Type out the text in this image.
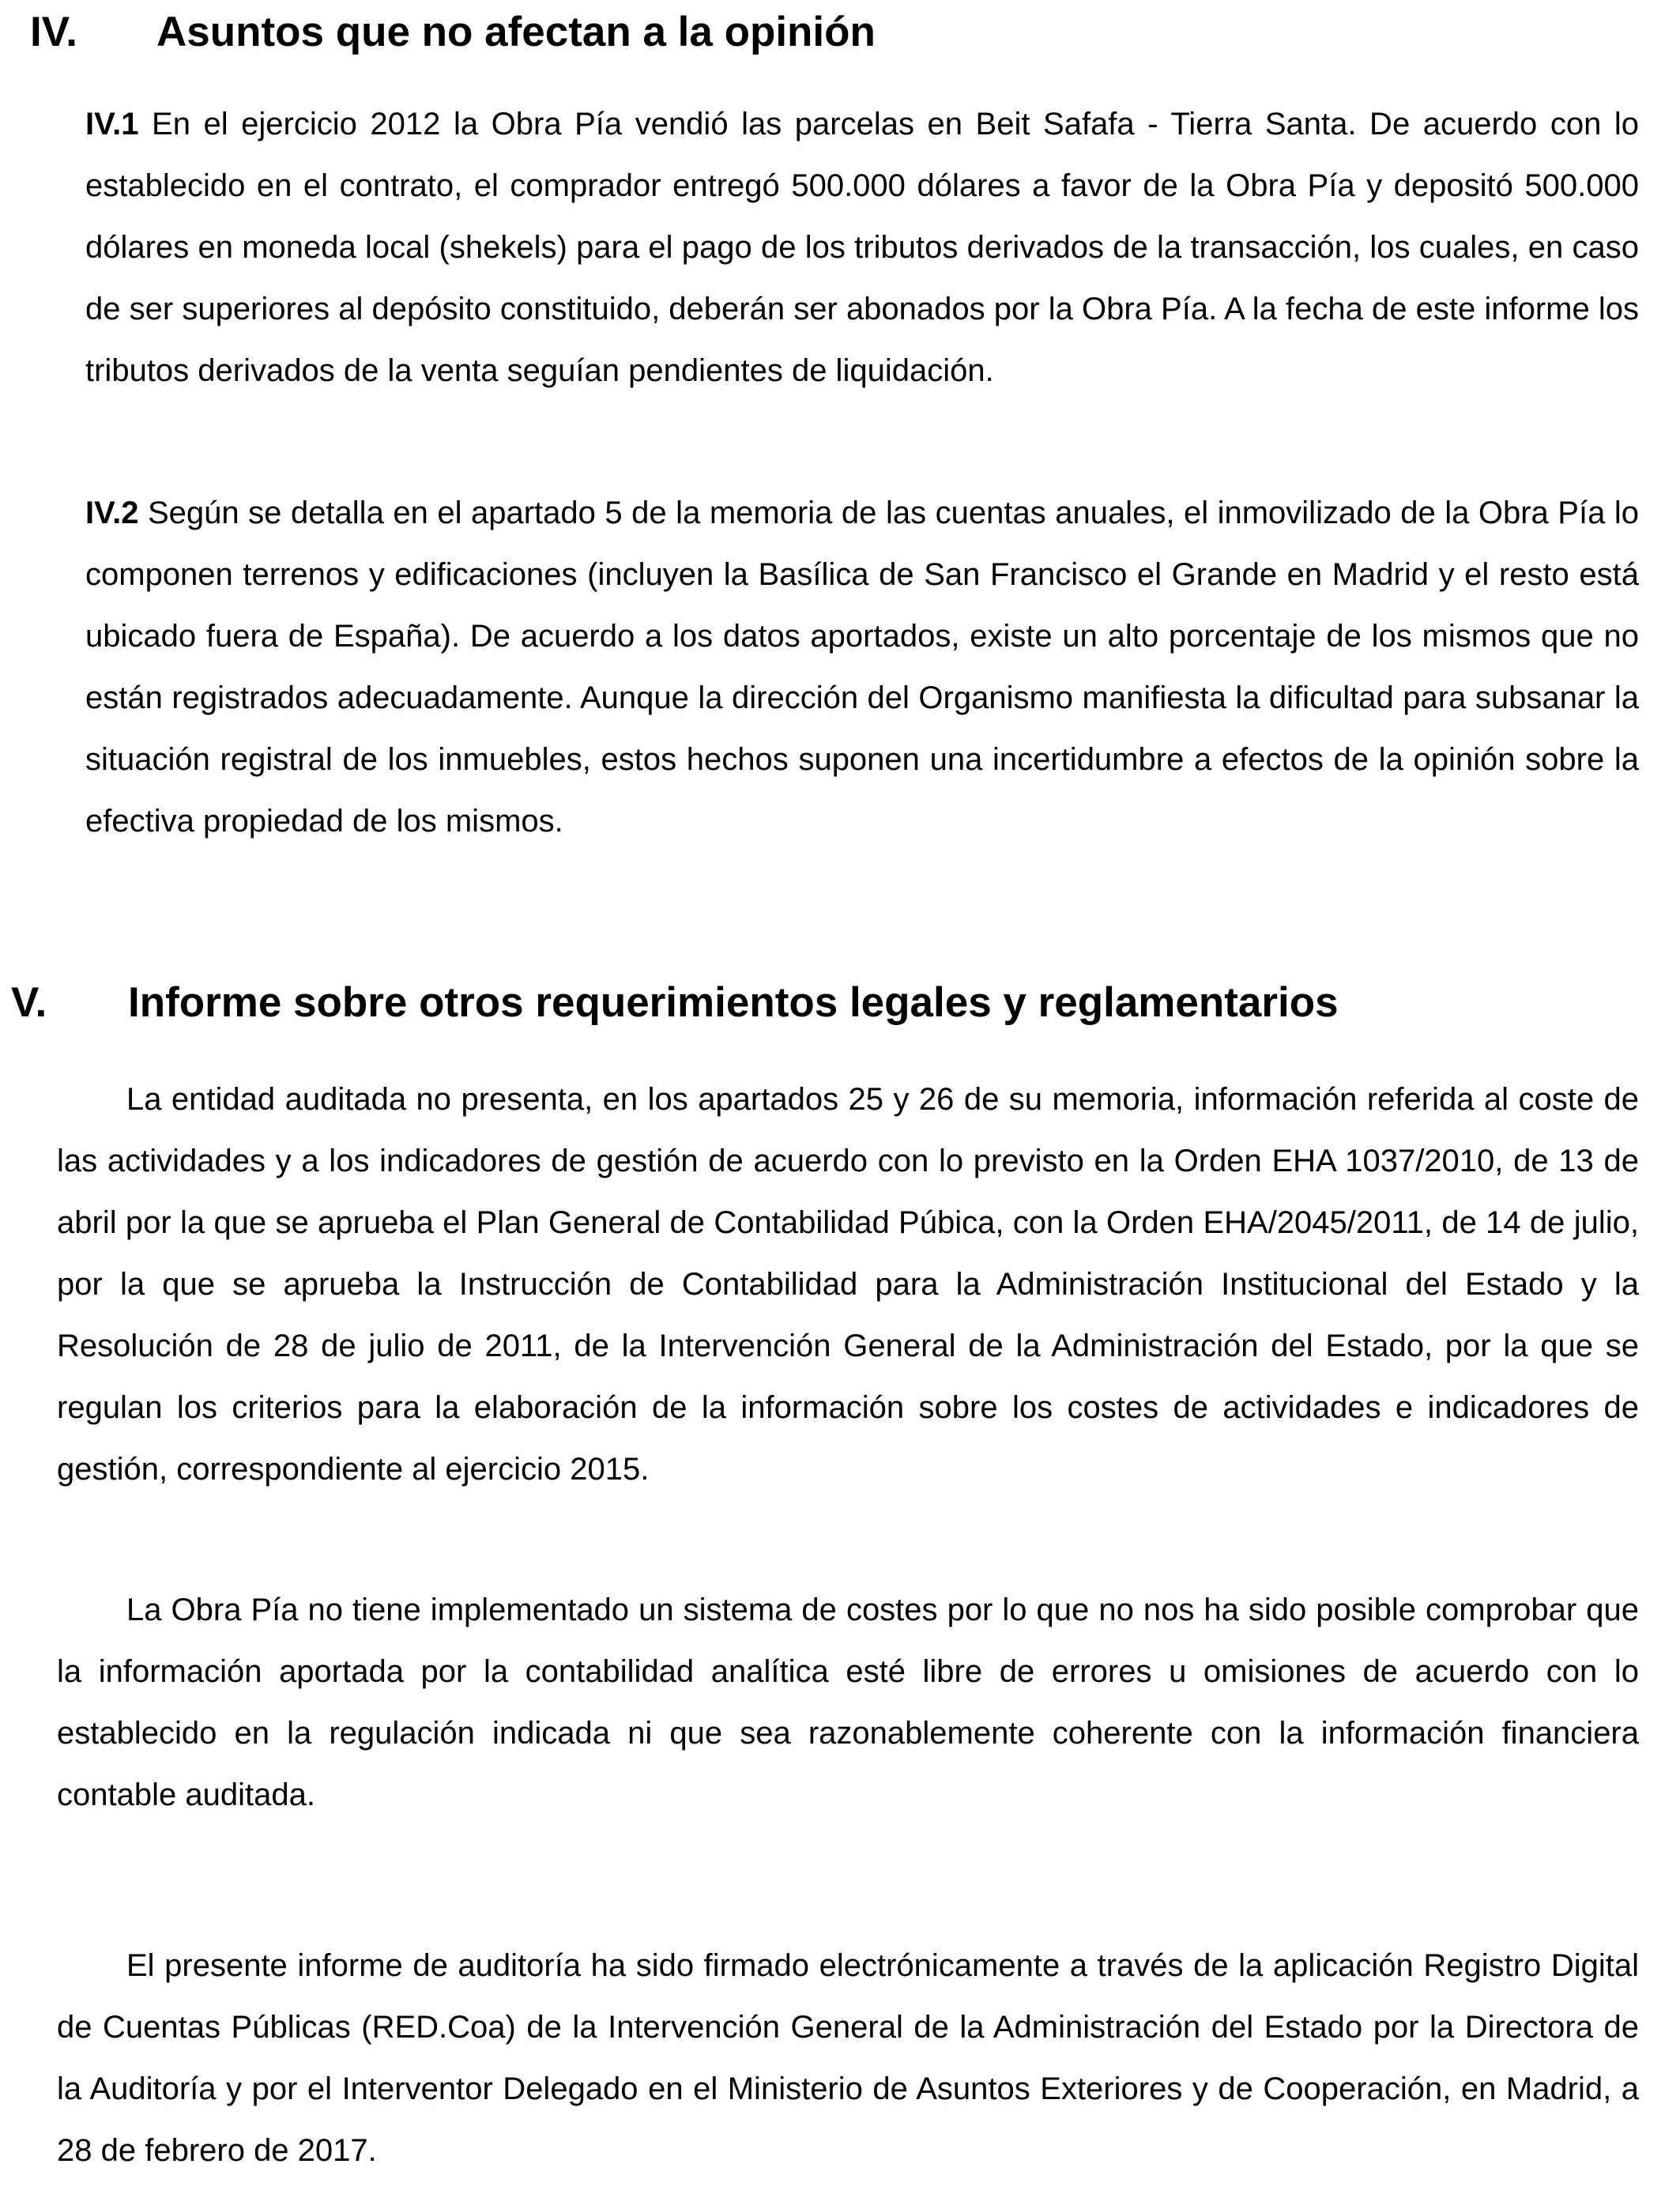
IV. Asuntos que no afectan a la opinión

IV.1 En el ejercicio 2012 la Obra Pía vendió las parcelas en Beit Safafa - Tierra Santa. De acuerdo con lo establecido en el contrato, el comprador entregó 500.000 dólares a favor de la Obra Pía y depositó 500.000 dólares en moneda local (shekels) para el pago de los tributos derivados de la transacción, los cuales, en caso de ser superiores al depósito constituido, deberán ser abonados por la Obra Pía. A la fecha de este informe los tributos derivados de la venta seguían pendientes de liquidación.

IV.2 Según se detalla en el apartado 5 de la memoria de las cuentas anuales, el inmovilizado de la Obra Pía lo componen terrenos y edificaciones (incluyen la Basílica de San Francisco el Grande en Madrid y el resto está ubicado fuera de España). De acuerdo a los datos aportados, existe un alto porcentaje de los mismos que no están registrados adecuadamente. Aunque la dirección del Organismo manifiesta la dificultad para subsanar la situación registral de los inmuebles, estos hechos suponen una incertidumbre a efectos de la opinión sobre la efectiva propiedad de los mismos.

V. Informe sobre otros requerimientos legales y reglamentarios

La entidad auditada no presenta, en los apartados 25 y 26 de su memoria, información referida al coste de las actividades y a los indicadores de gestión de acuerdo con lo previsto en la Orden EHA 1037/2010, de 13 de abril por la que se aprueba el Plan General de Contabilidad Púbica, con la Orden EHA/2045/2011, de 14 de julio, por la que se aprueba la Instrucción de Contabilidad para la Administración Institucional del Estado y la Resolución de 28 de julio de 2011, de la Intervención General de la Administración del Estado, por la que se regulan los criterios para la elaboración de la información sobre los costes de actividades e indicadores de gestión, correspondiente al ejercicio 2015.

La Obra Pía no tiene implementado un sistema de costes por lo que no nos ha sido posible comprobar que la información aportada por la contabilidad analítica esté libre de errores u omisiones de acuerdo con lo establecido en la regulación indicada ni que sea razonablemente coherente con la información financiera contable auditada.

El presente informe de auditoría ha sido firmado electrónicamente a través de la aplicación Registro Digital de Cuentas Públicas (RED.Coa) de la Intervención General de la Administración del Estado por la Directora de la Auditoría y por el Interventor Delegado en el Ministerio de Asuntos Exteriores y de Cooperación, en Madrid, a 28 de febrero de 2017.
